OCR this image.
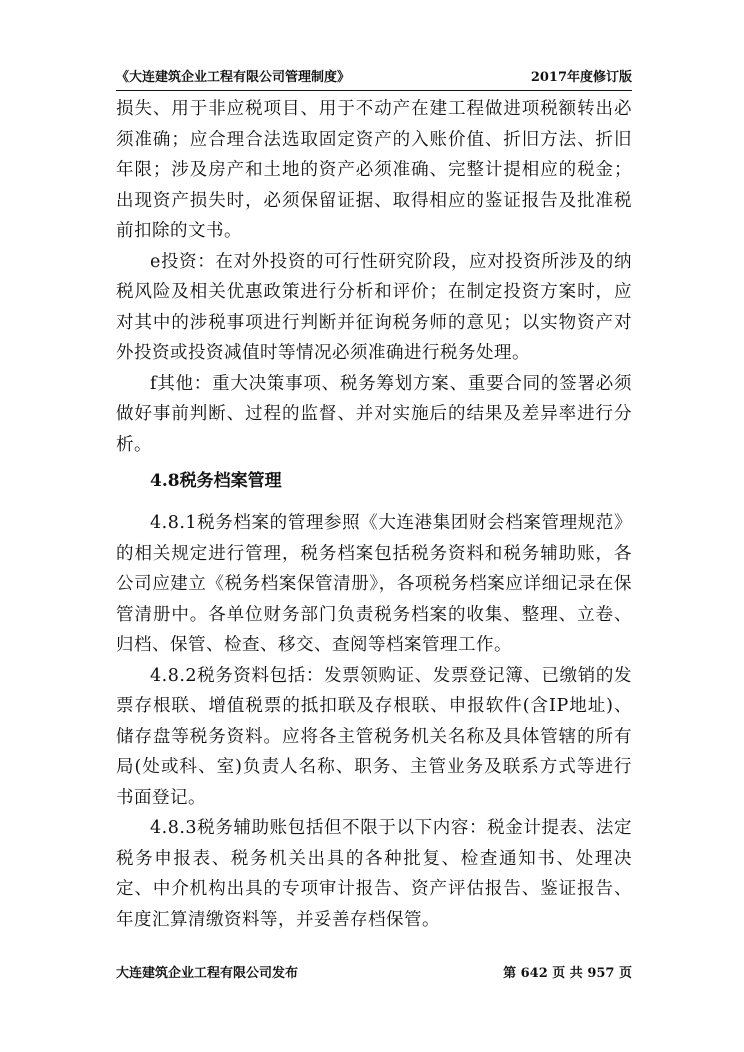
《大连建筑企业工程有限公司管理制度》	2017年度修订版

损失、用于非应税项目、用于不动产在建工程做进项税额转出必须准确；应合理合法选取固定资产的入账价值、折旧方法、折旧年限；涉及房产和土地的资产必须准确、完整计提相应的税金；出现资产损失时，必须保留证据、取得相应的鉴证报告及批准税前扣除的文书。

e投资：在对外投资的可行性研究阶段，应对投资所涉及的纳税风险及相关优惠政策进行分析和评价；在制定投资方案时，应对其中的涉税事项进行判断并征询税务师的意见；以实物资产对外投资或投资减值时等情况必须准确进行税务处理。

f其他：重大决策事项、税务筹划方案、重要合同的签署必须做好事前判断、过程的监督、并对实施后的结果及差异率进行分析。

4.8税务档案管理

4.8.1税务档案的管理参照《大连港集团财会档案管理规范》的相关规定进行管理，税务档案包括税务资料和税务辅助账，各公司应建立《税务档案保管清册》，各项税务档案应详细记录在保管清册中。各单位财务部门负责税务档案的收集、整理、立卷、归档、保管、检查、移交、查阅等档案管理工作。

4.8.2税务资料包括：发票领购证、发票登记簿、已缴销的发票存根联、增值税票的抵扣联及存根联、申报软件(含IP地址)、储存盘等税务资料。应将各主管税务机关名称及具体管辖的所有局(处或科、室)负责人名称、职务、主管业务及联系方式等进行书面登记。

4.8.3税务辅助账包括但不限于以下内容：税金计提表、法定税务申报表、税务机关出具的各种批复、检查通知书、处理决定、中介机构出具的专项审计报告、资产评估报告、鉴证报告、年度汇算清缴资料等，并妥善存档保管。

大连建筑企业工程有限公司发布	第 642 页 共 957 页
